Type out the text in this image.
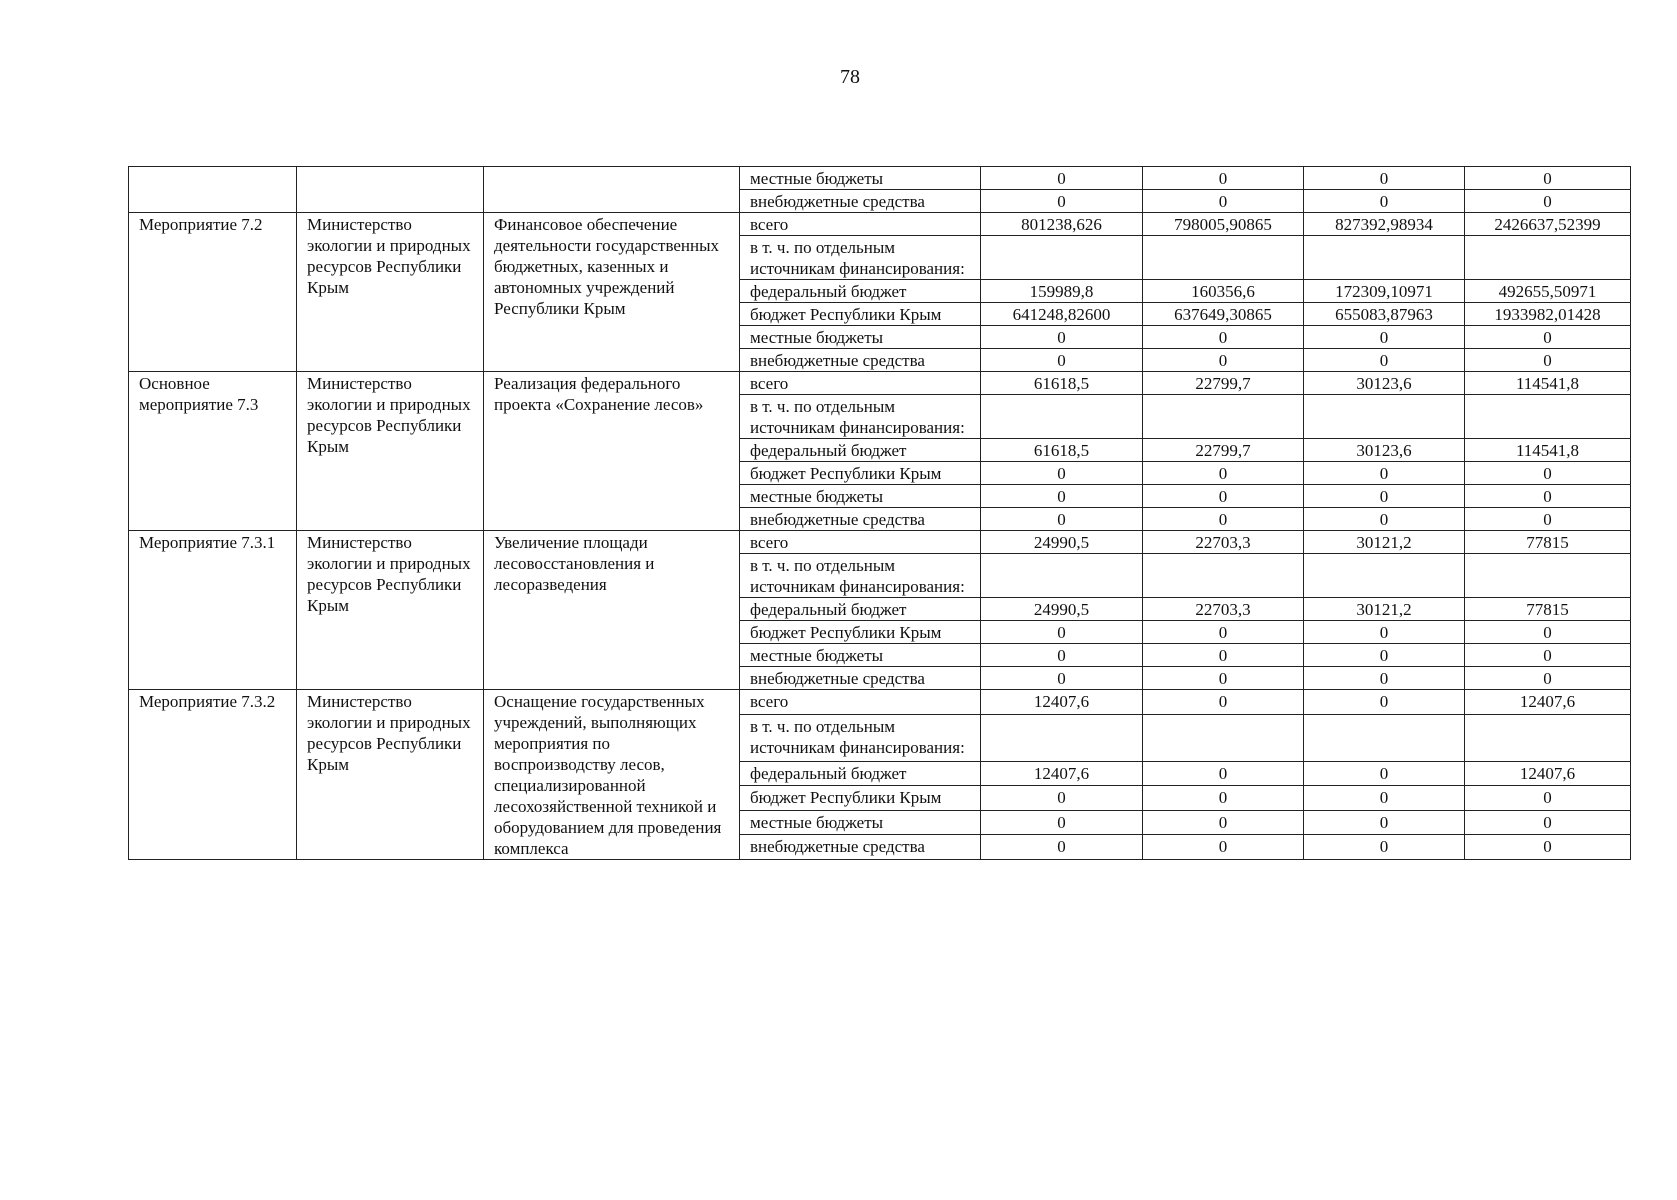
78
			местные бюджеты	0	0	0	0
			внебюджетные средства	0	0	0	0
Мероприятие 7.2	Министерство экологии и природных ресурсов Республики Крым	Финансовое обеспечение деятельности государственных бюджетных, казенных и автономных учреждений Республики Крым	всего	801238,626	798005,90865	827392,98934	2426637,52399
			в т. ч. по отдельным источникам финансирования:				
			федеральный бюджет	159989,8	160356,6	172309,10971	492655,50971
			бюджет Республики Крым	641248,82600	637649,30865	655083,87963	1933982,01428
			местные бюджеты	0	0	0	0
			внебюджетные средства	0	0	0	0
Основное мероприятие 7.3	Министерство экологии и природных ресурсов Республики Крым	Реализация федерального проекта «Сохранение лесов»	всего	61618,5	22799,7	30123,6	114541,8
			в т. ч. по отдельным источникам финансирования:				
			федеральный бюджет	61618,5	22799,7	30123,6	114541,8
			бюджет Республики Крым	0	0	0	0
			местные бюджеты	0	0	0	0
			внебюджетные средства	0	0	0	0
Мероприятие 7.3.1	Министерство экологии и природных ресурсов Республики Крым	Увеличение площади лесовосстановления и лесоразведения	всего	24990,5	22703,3	30121,2	77815
			в т. ч. по отдельным источникам финансирования:				
			федеральный бюджет	24990,5	22703,3	30121,2	77815
			бюджет Республики Крым	0	0	0	0
			местные бюджеты	0	0	0	0
			внебюджетные средства	0	0	0	0
Мероприятие 7.3.2	Министерство экологии и природных ресурсов Республики Крым	Оснащение государственных учреждений, выполняющих мероприятия по воспроизводству лесов, специализированной лесохозяйственной техникой и оборудованием для проведения комплекса	всего	12407,6	0	0	12407,6
			в т. ч. по отдельным источникам финансирования:				
			федеральный бюджет	12407,6	0	0	12407,6
			бюджет Республики Крым	0	0	0	0
			местные бюджеты	0	0	0	0
			внебюджетные средства	0	0	0	0
